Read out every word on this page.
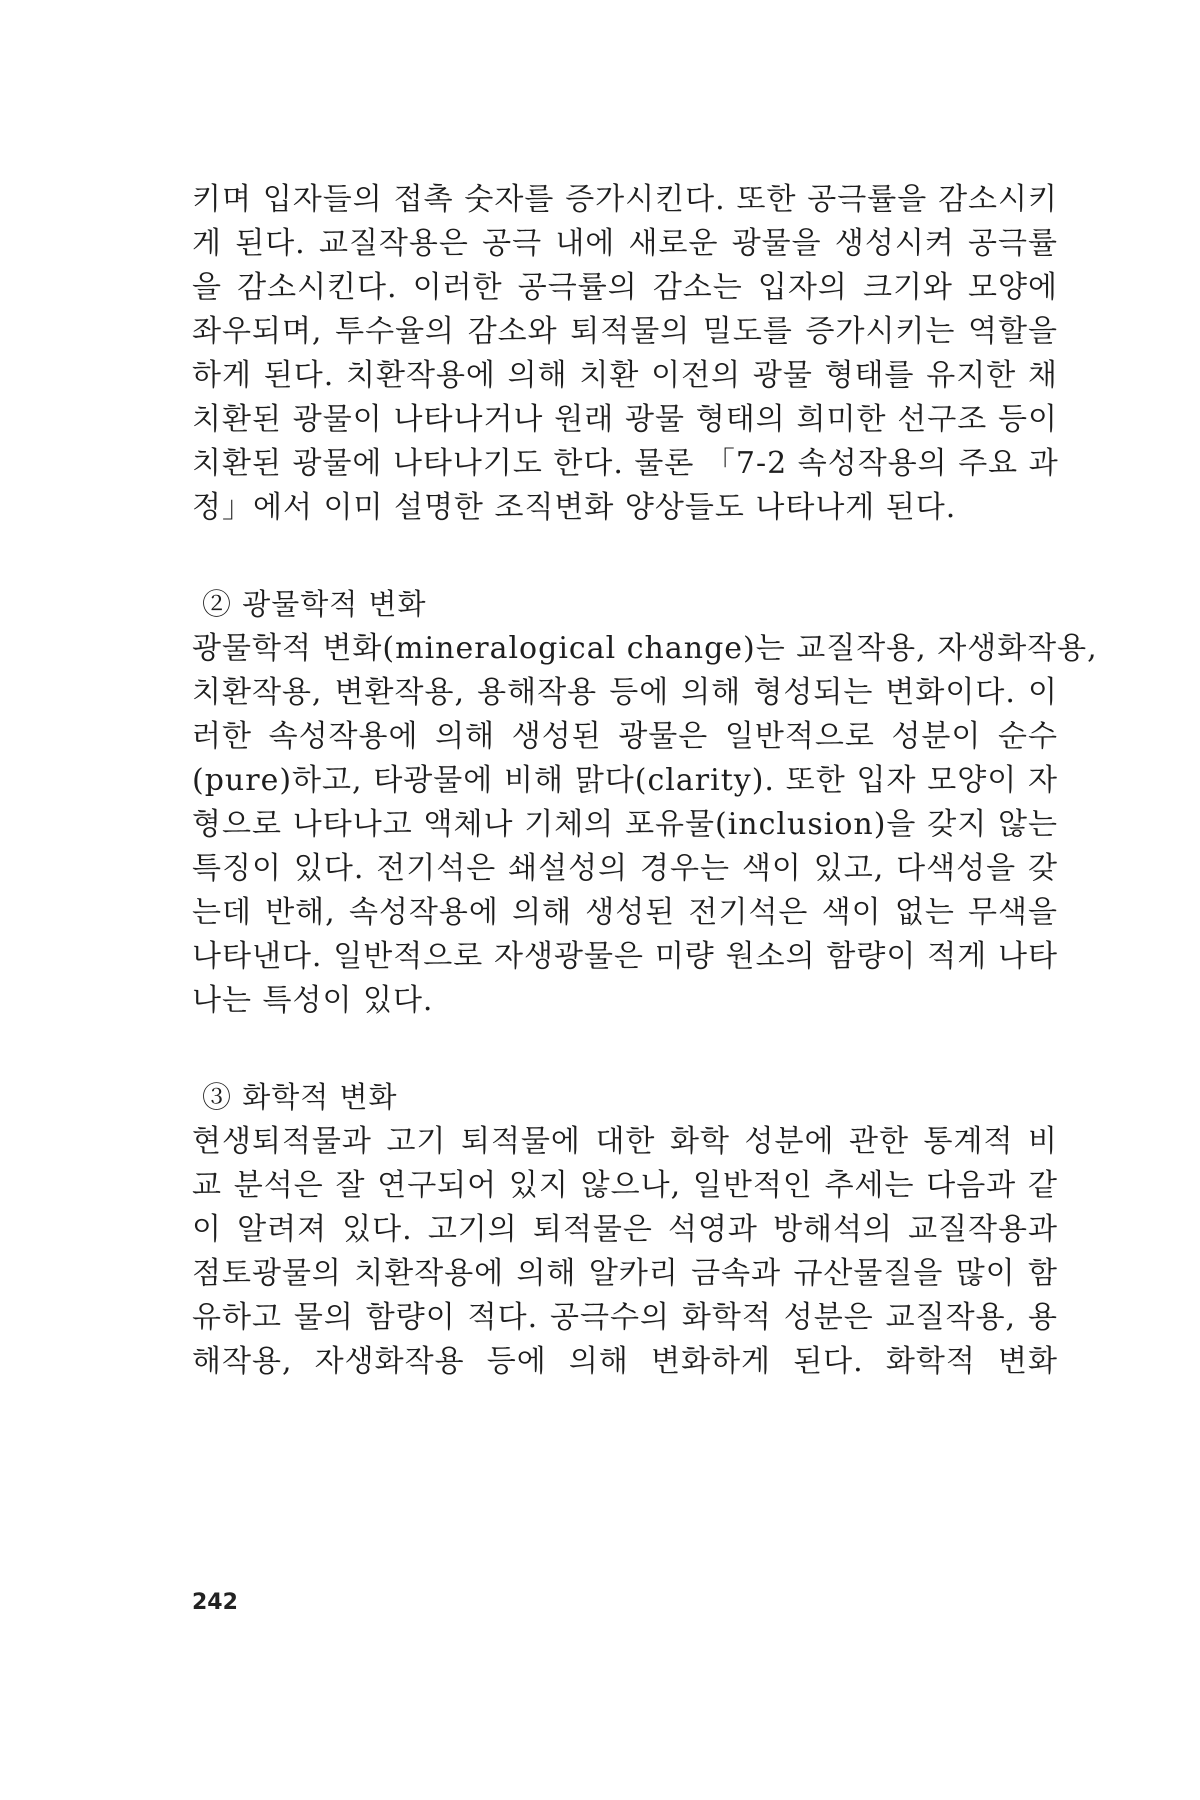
키며 입자들의 접촉 숫자를 증가시킨다. 또한 공극률을 감소시키
게 된다. 교질작용은 공극 내에 새로운 광물을 생성시켜 공극률
을 감소시킨다. 이러한 공극률의 감소는 입자의 크기와 모양에
좌우되며, 투수율의 감소와 퇴적물의 밀도를 증가시키는 역할을
하게 된다. 치환작용에 의해 치환 이전의 광물 형태를 유지한 채
치환된 광물이 나타나거나 원래 광물 형태의 희미한 선구조 등이
치환된 광물에 나타나기도 한다. 물론 「7-2 속성작용의 주요 과
정」에서 이미 설명한 조직변화 양상들도 나타나게 된다.
② 광물학적 변화
광물학적 변화(mineralogical change)는 교질작용, 자생화작용,
치환작용, 변환작용, 용해작용 등에 의해 형성되는 변화이다. 이
러한 속성작용에 의해 생성된 광물은 일반적으로 성분이 순수
(pure)하고, 타광물에 비해 맑다(clarity). 또한 입자 모양이 자
형으로 나타나고 액체나 기체의 포유물(inclusion)을 갖지 않는
특징이 있다. 전기석은 쇄설성의 경우는 색이 있고, 다색성을 갖
는데 반해, 속성작용에 의해 생성된 전기석은 색이 없는 무색을
나타낸다. 일반적으로 자생광물은 미량 원소의 함량이 적게 나타
나는 특성이 있다.
③ 화학적 변화
현생퇴적물과 고기 퇴적물에 대한 화학 성분에 관한 통계적 비
교 분석은 잘 연구되어 있지 않으나, 일반적인 추세는 다음과 같
이 알려져 있다. 고기의 퇴적물은 석영과 방해석의 교질작용과
점토광물의 치환작용에 의해 알카리 금속과 규산물질을 많이 함
유하고 물의 함량이 적다. 공극수의 화학적 성분은 교질작용, 용
해작용, 자생화작용 등에 의해 변화하게 된다. 화학적 변화
242
